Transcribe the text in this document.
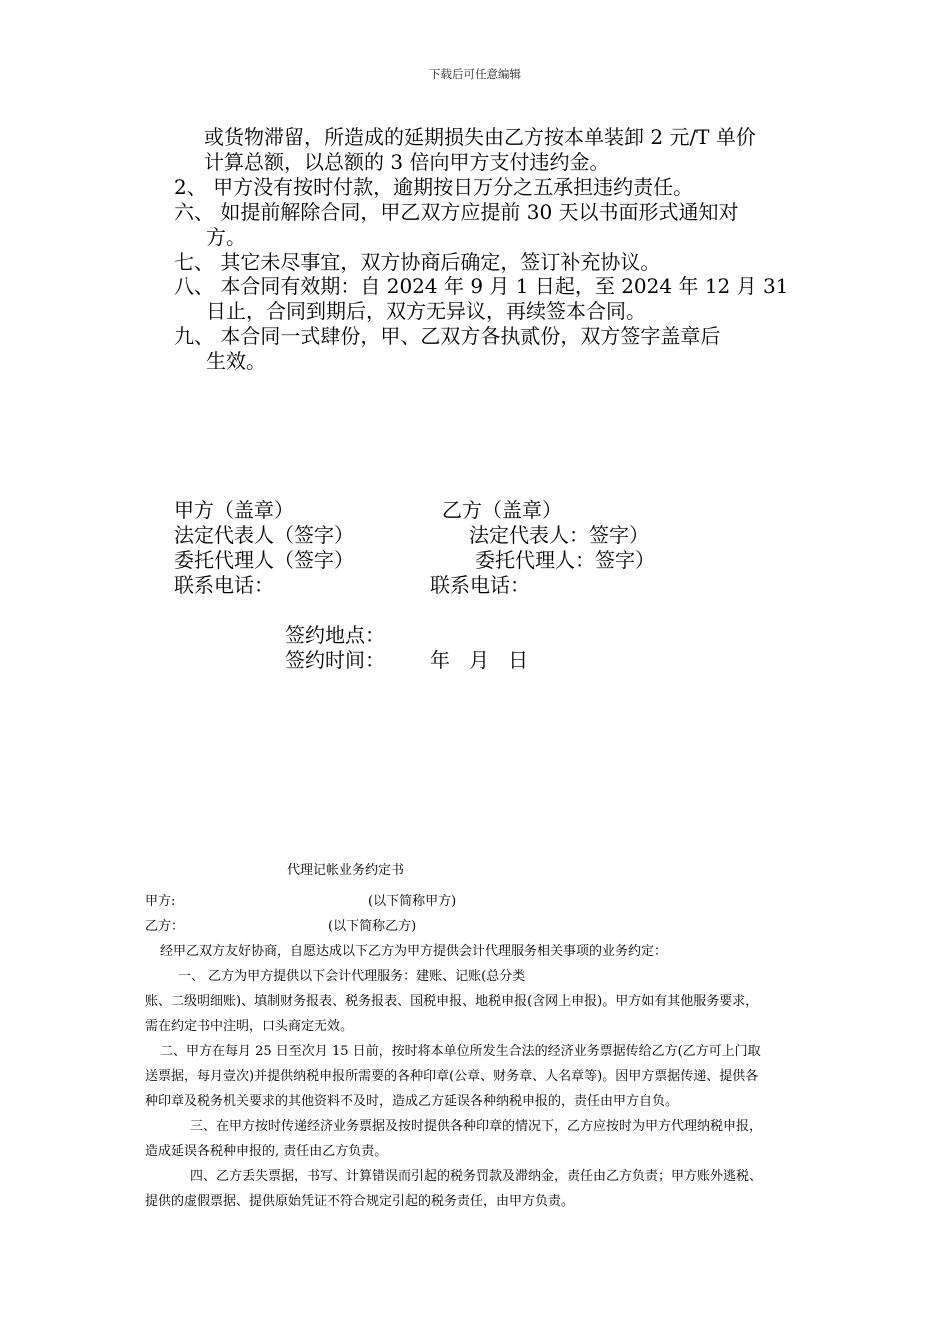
下载后可任意编辑
或货物滞留，所造成的延期损失由乙方按本单装卸 2 元/T 单价
计算总额，以总额的 3 倍向甲方支付违约金。
2、 甲方没有按时付款，逾期按日万分之五承担违约责任。
六、 如提前解除合同，甲乙双方应提前 30 天以书面形式通知对
方。
七、 其它未尽事宜，双方协商后确定，签订补充协议。
八、 本合同有效期：自 2024 年 9 月 1 日起，至 2024 年 12 月 31
日止，合同到期后，双方无异议，再续签本合同。
九、 本合同一式肆份，甲、乙双方各执贰份，双方签字盖章后
生效。
甲方（盖章）	乙方（盖章）
法定代表人（签字）	法定代表人：签字）
委托代理人（签字）	委托代理人：签字）
联系电话：	联系电话：
签约地点：
签约时间： 年   月   日
代理记帐业务约定书
甲方:	(以下简称甲方)
乙方：	(以下简称乙方)
经甲乙双方友好协商，自愿达成以下乙方为甲方提供会计代理服务相关事项的业务约定：
一、 乙方为甲方提供以下会计代理服务：建账、记账(总分类
账、二级明细账)、填制财务报表、税务报表、国税申报、地税申报(含网上申报)。甲方如有其他服务要求，
需在约定书中注明，口头商定无效。
二、甲方在每月 25 日至次月 15 日前，按时将本单位所发生合法的经济业务票据传给乙方(乙方可上门取
送票据，每月壹次)并提供纳税申报所需要的各种印章(公章、财务章、人名章等)。因甲方票据传递、提供各
种印章及税务机关要求的其他资料不及时，造成乙方延误各种纳税申报的，责任由甲方自负。
三、在甲方按时传递经济业务票据及按时提供各种印章的情况下，乙方应按时为甲方代理纳税申报，
造成延误各税种申报的, 责任由乙方负责。
四、乙方丢失票据，书写、计算错误而引起的税务罚款及滞纳金，责任由乙方负责；甲方账外逃税、
提供的虚假票据、提供原始凭证不符合规定引起的税务责任，由甲方负责。
